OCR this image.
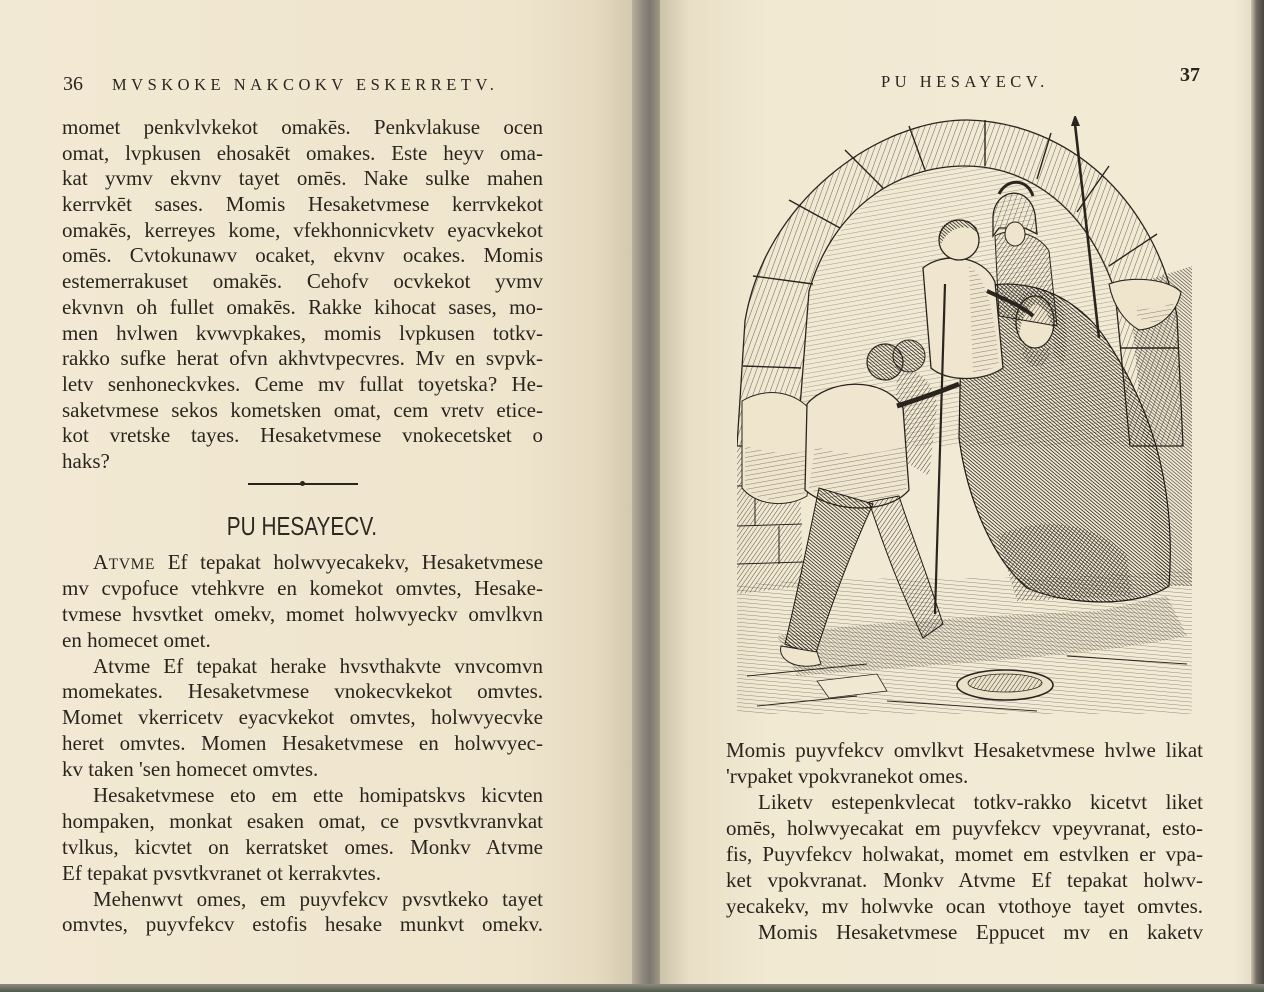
36 MVSKOKE NAKCOKV ESKERRETV.
momet penkvlvkekot omakēs. Penkvlakuse ocen
omat, lvpkusen ehosakēt omakes. Este heyv oma-
kat yvmv ekvnv tayet omēs. Nake sulke mahen
kerrvkēt sases. Momis Hesaketvmese kerrvkekot
omakēs, kerreyes kome, vfekhonnicvketv eyacvkekot
omēs. Cvtokunawv ocaket, ekvnv ocakes. Momis
estemerrakuset omakēs. Cehofv ocvkekot yvmv
ekvnvn oh fullet omakēs. Rakke kihocat sases, mo-
men hvlwen kvwvpkakes, momis lvpkusen totkv-
rakko sufke herat ofvn akhvtvpecvres. Mv en svpvk-
letv senhoneckvkes. Ceme mv fullat toyetska? He-
saketvmese sekos kometsken omat, cem vretv etice-
kot vretske tayes. Hesaketvmese vnokecetsket o
haks?
PU HESAYECV.
ATVME Ef tepakat holwvyecakekv, Hesaketvmese
mv cvpofuce vtehkvre en komekot omvtes, Hesake-
tvmese hvsvtket omekv, momet holwvyeckv omvlkvn
en homecet omet.
Atvme Ef tepakat herake hvsvthakvte vnvcomvn
momekates. Hesaketvmese vnokecvkekot omvtes.
Momet vkerricetv eyacvkekot omvtes, holwvyecvke
heret omvtes. Momen Hesaketvmese en holwvyec-
kv taken 'sen homecet omvtes.
Hesaketvmese eto em ette homipatskvs kicvten
hompaken, monkat esaken omat, ce pvsvtkvranvkat
tvlkus, kicvtet on kerratsket omes. Monkv Atvme
Ef tepakat pvsvtkvranet ot kerrakvtes.
Mehenwvt omes, em puyvfekcv pvsvtkeko tayet
omvtes, puyvfekcv estofis hesake munkvt omekv.
PU HESAYECV.	37
Momis puyvfekcv omvlkvt Hesaketvmese hvlwe likat
'rvpaket vpokvranekot omes.
Liketv estepenkvlecat totkv-rakko kicetvt liket
omēs, holwvyecakat em puyvfekcv vpeyvranat, esto-
fis, Puyvfekcv holwakat, momet em estvlken er vpa-
ket vpokvranat. Monkv Atvme Ef tepakat holwv-
yecakekv, mv holwvke ocan vtothoye tayet omvtes.
Momis Hesaketvmese Eppucet mv en kaketv
